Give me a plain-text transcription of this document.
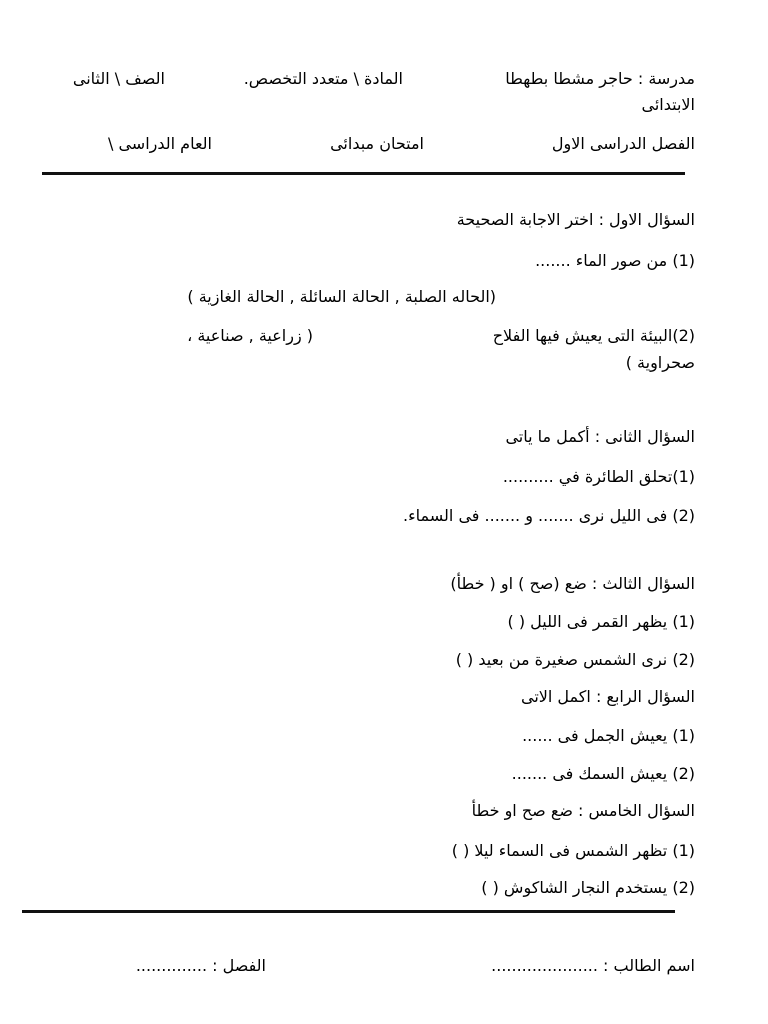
مدرسة : حاجر مشطا بطهطا
المادة \ متعدد التخصص.
الصف \ الثانى
الابتدائى
الفصل الدراسى الاول
امتحان مبدائى
العام الدراسى \
السؤال الاول : اختر الاجابة الصحيحة
(1) من صور الماء .......
(الحاله الصلبة , الحالة السائلة , الحالة الغازية )
(2)البيئة التى يعيش فيها الفلاح
( زراعية , صناعية ،
صحراوية )
السؤال الثانى : أكمل ما ياتى
(1)تحلق الطائرة في ..........
(2) فى الليل نرى ....... و ....... فى السماء.
السؤال الثالث : ضع (صح ) او ( خطأ)
(1) يظهر القمر فى الليل ( )
(2) نرى الشمس صغيرة من بعيد ( )
السؤال الرابع : اكمل الاتى
(1) يعيش الجمل فى ......
(2) يعيش السمك فى .......
السؤال الخامس : ضع صح او خطأ
(1) تظهر الشمس فى السماء ليلا ( )
(2) يستخدم النجار الشاكوش ( )
اسم الطالب : .....................
الفصل : ..............
